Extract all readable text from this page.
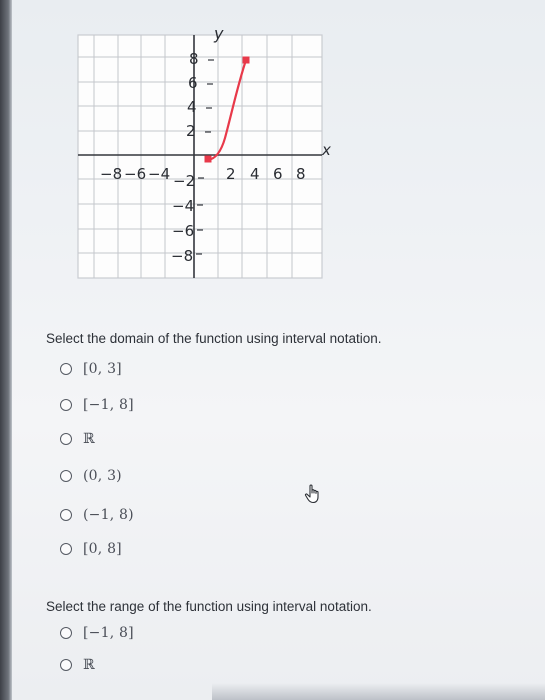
y
x
8
6
4
2
−2
−4
−6
−8
−8 −6 −4	2 4 6 8
Select the domain of the function using interval notation.
[0, 3]
[−1, 8]
ℝ
(0, 3)
(−1, 8)
[0, 8]
Select the range of the function using interval notation.
[−1, 8]
ℝ
